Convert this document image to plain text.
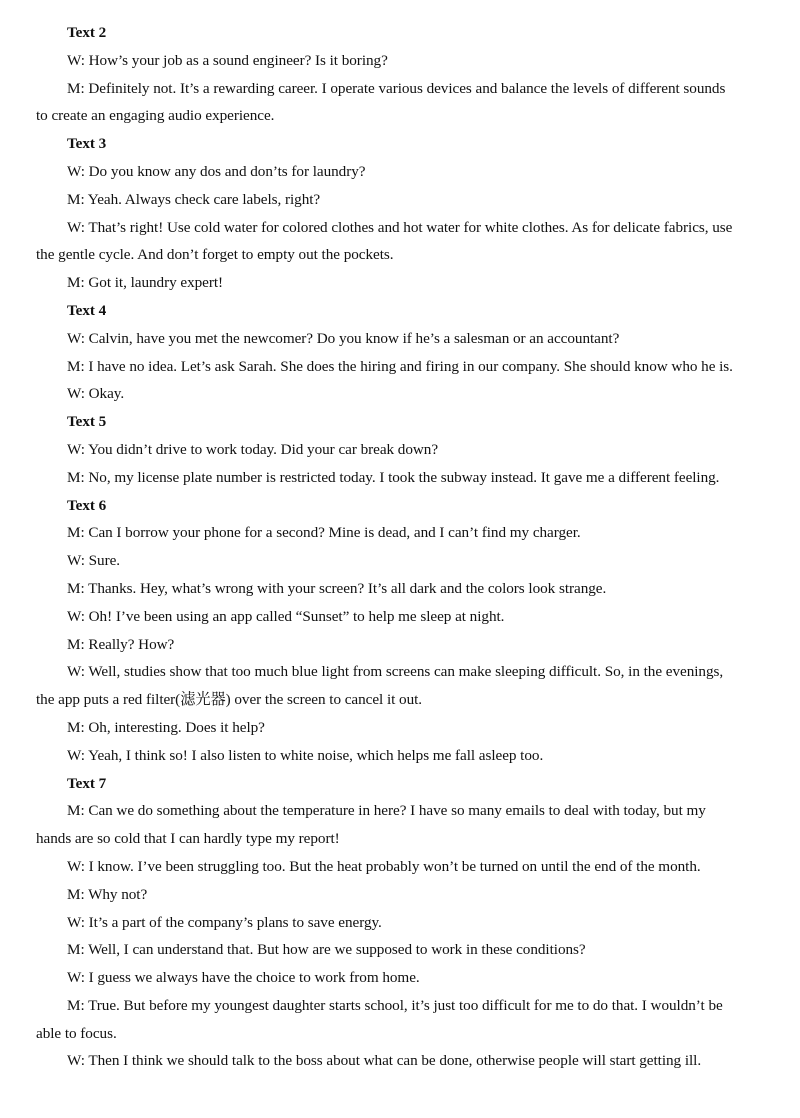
Text 2
W: How’s your job as a sound engineer? Is it boring?
M: Definitely not. It’s a rewarding career. I operate various devices and balance the levels of different sounds
to create an engaging audio experience.
Text 3
W: Do you know any dos and don’ts for laundry?
M: Yeah. Always check care labels, right?
W: That’s right! Use cold water for colored clothes and hot water for white clothes. As for delicate fabrics, use
the gentle cycle. And don’t forget to empty out the pockets.
M: Got it, laundry expert!
Text 4
W: Calvin, have you met the newcomer? Do you know if he’s a salesman or an accountant?
M: I have no idea. Let’s ask Sarah. She does the hiring and firing in our company. She should know who he is.
W: Okay.
Text 5
W: You didn’t drive to work today. Did your car break down?
M: No, my license plate number is restricted today. I took the subway instead. It gave me a different feeling.
Text 6
M: Can I borrow your phone for a second? Mine is dead, and I can’t find my charger.
W: Sure.
M: Thanks. Hey, what’s wrong with your screen? It’s all dark and the colors look strange.
W: Oh! I’ve been using an app called “Sunset” to help me sleep at night.
M: Really? How?
W: Well, studies show that too much blue light from screens can make sleeping difficult. So, in the evenings,
the app puts a red filter(滤光器) over the screen to cancel it out.
M: Oh, interesting. Does it help?
W: Yeah, I think so! I also listen to white noise, which helps me fall asleep too.
Text 7
M: Can we do something about the temperature in here? I have so many emails to deal with today, but my
hands are so cold that I can hardly type my report!
W: I know. I’ve been struggling too. But the heat probably won’t be turned on until the end of the month.
M: Why not?
W: It’s a part of the company’s plans to save energy.
M: Well, I can understand that. But how are we supposed to work in these conditions?
W: I guess we always have the choice to work from home.
M: True. But before my youngest daughter starts school, it’s just too difficult for me to do that. I wouldn’t be
able to focus.
W: Then I think we should talk to the boss about what can be done, otherwise people will start getting ill.
